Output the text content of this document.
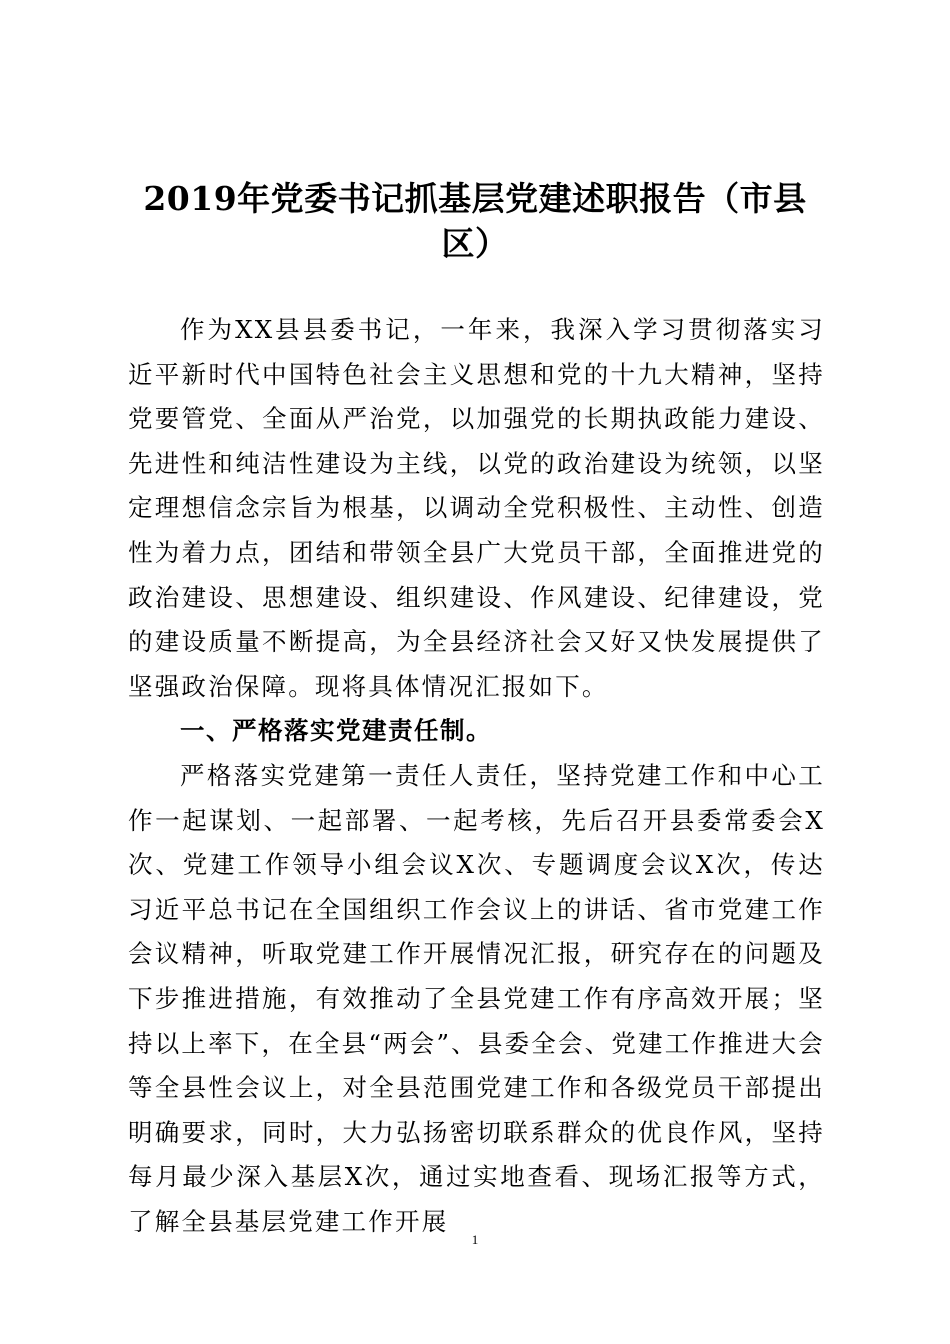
2019年党委书记抓基层党建述职报告（市县区）

作为XX县县委书记，一年来，我深入学习贯彻落实习近平新时代中国特色社会主义思想和党的十九大精神，坚持党要管党、全面从严治党，以加强党的长期执政能力建设、先进性和纯洁性建设为主线，以党的政治建设为统领，以坚定理想信念宗旨为根基，以调动全党积极性、主动性、创造性为着力点，团结和带领全县广大党员干部，全面推进党的政治建设、思想建设、组织建设、作风建设、纪律建设，党的建设质量不断提高，为全县经济社会又好又快发展提供了坚强政治保障。现将具体情况汇报如下。

一、严格落实党建责任制。

严格落实党建第一责任人责任，坚持党建工作和中心工作一起谋划、一起部署、一起考核，先后召开县委常委会X次、党建工作领导小组会议X次、专题调度会议X次，传达习近平总书记在全国组织工作会议上的讲话、省市党建工作会议精神，听取党建工作开展情况汇报，研究存在的问题及下步推进措施，有效推动了全县党建工作有序高效开展；坚持以上率下，在全县“两会”、县委全会、党建工作推进大会等全县性会议上，对全县范围党建工作和各级党员干部提出明确要求，同时，大力弘扬密切联系群众的优良作风，坚持每月最少深入基层X次，通过实地查看、现场汇报等方式，了解全县基层党建工作开展

1
